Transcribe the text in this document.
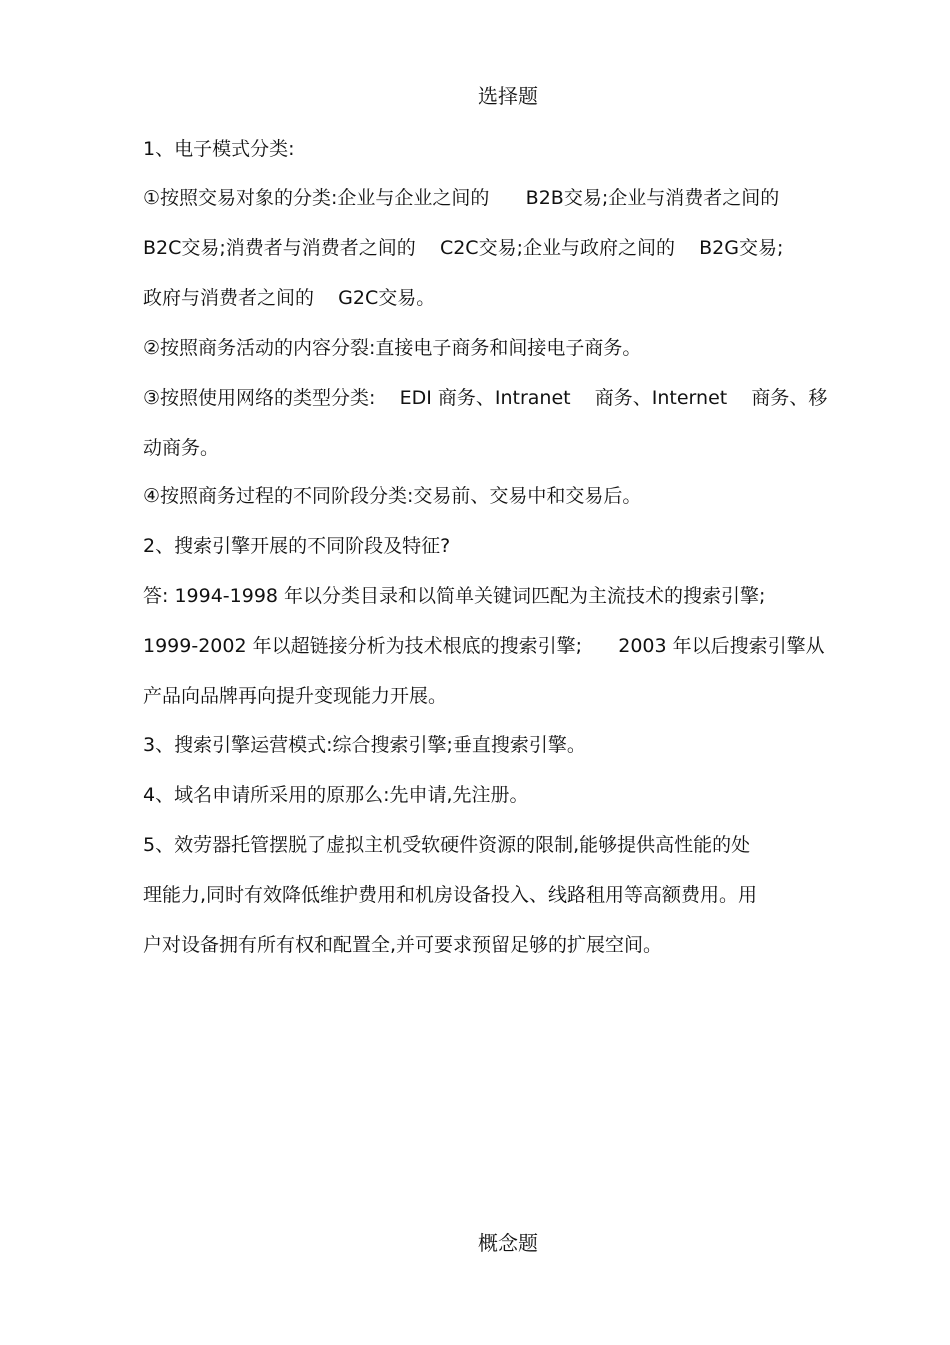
选择题
1、电子模式分类:
①按照交易对象的分类:企业与企业之间的      B2B交易;企业与消费者之间的
B2C交易;消费者与消费者之间的    C2C交易;企业与政府之间的    B2G交易;
政府与消费者之间的    G2C交易。
②按照商务活动的内容分裂:直接电子商务和间接电子商务。
③按照使用网络的类型分类:    EDI 商务、Intranet    商务、Internet    商务、移
动商务。
④按照商务过程的不同阶段分类:交易前、交易中和交易后。
2、搜索引擎开展的不同阶段及特征?
答: 1994-1998 年以分类目录和以简单关键词匹配为主流技术的搜索引擎;
1999-2002 年以超链接分析为技术根底的搜索引擎;      2003 年以后搜索引擎从
产品向品牌再向提升变现能力开展。
3、搜索引擎运营模式:综合搜索引擎;垂直搜索引擎。
4、域名申请所采用的原那么:先申请,先注册。
5、效劳器托管摆脱了虚拟主机受软硬件资源的限制,能够提供高性能的处
理能力,同时有效降低维护费用和机房设备投入、线路租用等高额费用。用
户对设备拥有所有权和配置全,并可要求预留足够的扩展空间。
概念题
